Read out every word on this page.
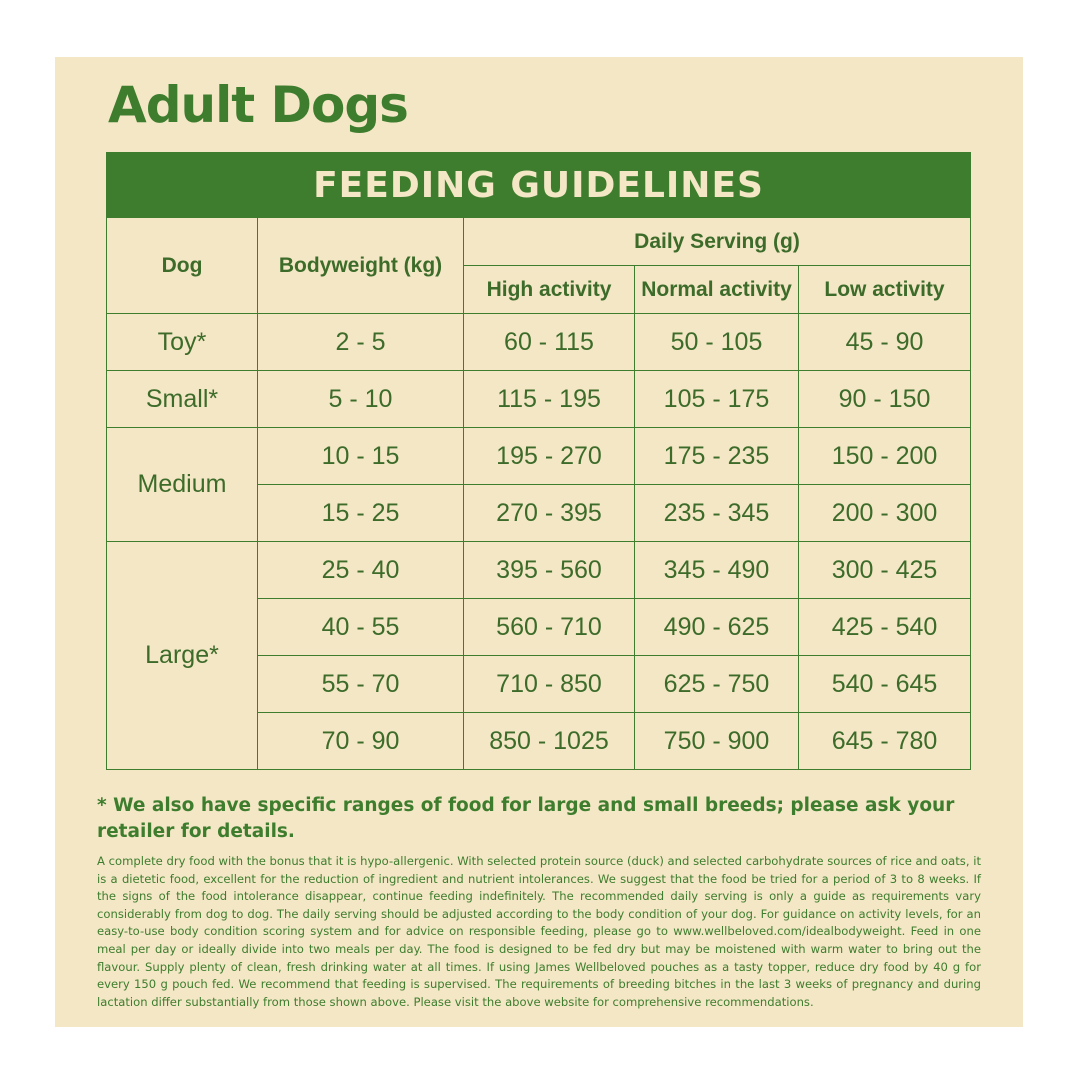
Adult Dogs
FEEDING GUIDELINES				
Dog	Bodyweight (kg)	Daily Serving (g)		
		High activity	Normal activity	Low activity
Toy*	2 - 5	60 - 115	50 - 105	45 - 90
Small*	5 - 10	115 - 195	105 - 175	90 - 150
Medium	10 - 15	195 - 270	175 - 235	150 - 200
	15 - 25	270 - 395	235 - 345	200 - 300
Large*	25 - 40	395 - 560	345 - 490	300 - 425
	40 - 55	560 - 710	490 - 625	425 - 540
	55 - 70	710 - 850	625 - 750	540 - 645
	70 - 90	850 - 1025	750 - 900	645 - 780
* We also have specific ranges of food for large and small breeds; please ask your retailer for details.
A complete dry food with the bonus that it is hypo-allergenic. With selected protein source (duck) and selected carbohydrate sources of rice and oats, it is a dietetic food, excellent for the reduction of ingredient and nutrient intolerances. We suggest that the food be tried for a period of 3 to 8 weeks. If the signs of the food intolerance disappear, continue feeding indefinitely. The recommended daily serving is only a guide as requirements vary considerably from dog to dog. The daily serving should be adjusted according to the body condition of your dog. For guidance on activity levels, for an easy-to-use body condition scoring system and for advice on responsible feeding, please go to www.wellbeloved.com/idealbodyweight. Feed in one meal per day or ideally divide into two meals per day. The food is designed to be fed dry but may be moistened with warm water to bring out the flavour. Supply plenty of clean, fresh drinking water at all times. If using James Wellbeloved pouches as a tasty topper, reduce dry food by 40 g for every 150 g pouch fed. We recommend that feeding is supervised. The requirements of breeding bitches in the last 3 weeks of pregnancy and during lactation differ substantially from those shown above. Please visit the above website for comprehensive recommendations.
